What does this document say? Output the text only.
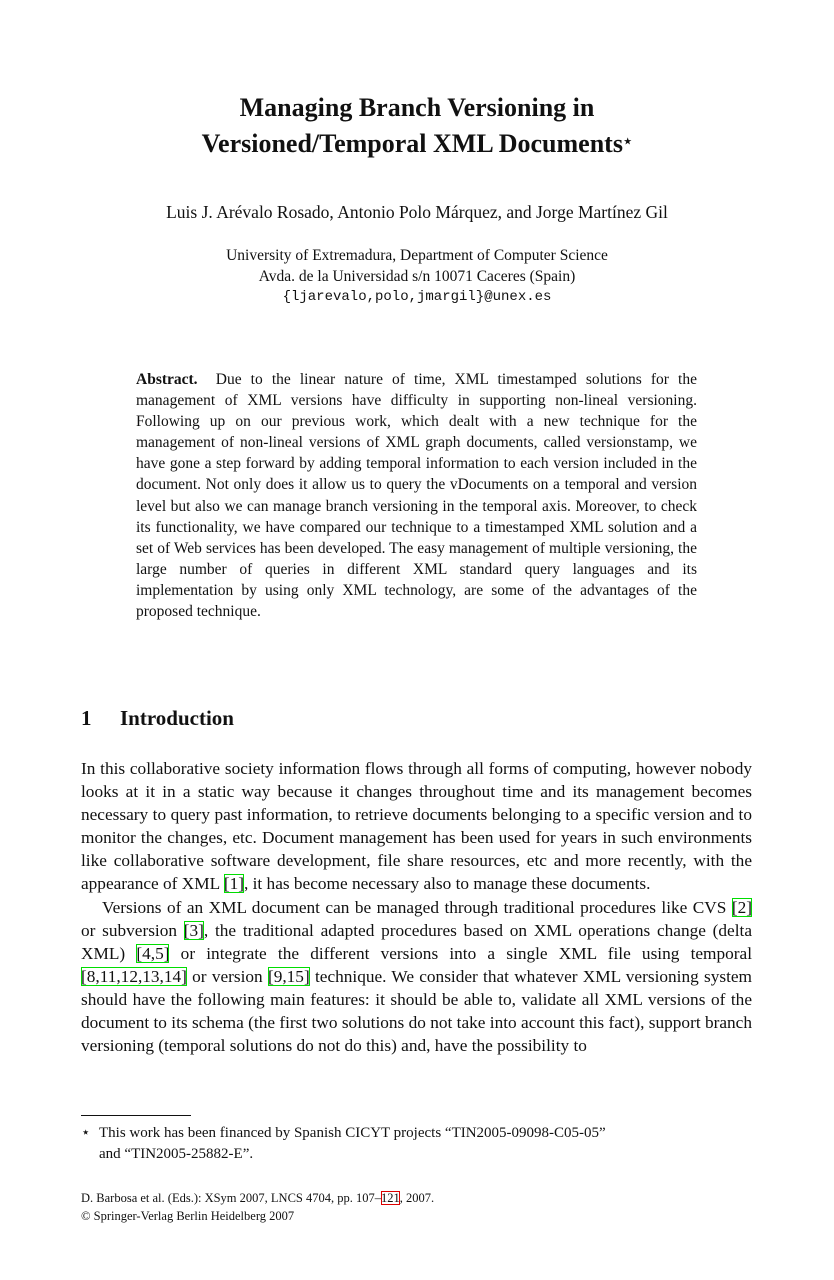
Managing Branch Versioning in
Versioned/Temporal XML Documents⋆
Luis J. Arévalo Rosado, Antonio Polo Márquez, and Jorge Martínez Gil
University of Extremadura, Department of Computer Science
Avda. de la Universidad s/n 10071 Caceres (Spain)
{ljarevalo,polo,jmargil}@unex.es
Abstract. Due to the linear nature of time, XML timestamped solutions for the management of XML versions have difficulty in supporting non-lineal versioning. Following up on our previous work, which dealt with a new technique for the management of non-lineal versions of XML graph documents, called versionstamp, we have gone a step forward by adding temporal information to each version included in the document. Not only does it allow us to query the vDocuments on a temporal and version level but also we can manage branch versioning in the temporal axis. Moreover, to check its functionality, we have compared our technique to a timestamped XML solution and a set of Web services has been developed. The easy management of multiple versioning, the large number of queries in different XML standard query languages and its implementation by using only XML technology, are some of the advantages of the proposed technique.
1 Introduction

In this collaborative society information flows through all forms of computing, however nobody looks at it in a static way because it changes throughout time and its management becomes necessary to query past information, to retrieve documents belonging to a specific version and to monitor the changes, etc. Document management has been used for years in such environments like collaborative software development, file share resources, etc and more recently, with the appearance of XML [1], it has become necessary also to manage these documents.

Versions of an XML document can be managed through traditional procedures like CVS [2] or subversion [3], the traditional adapted procedures based on XML operations change (delta XML) [4,5] or integrate the different versions into a single XML file using temporal [8,11,12,13,14] or version [9,15] technique. We consider that whatever XML versioning system should have the following main features: it should be able to, validate all XML versions of the document to its schema (the first two solutions do not take into account this fact), support branch versioning (temporal solutions do not do this) and, have the possibility to

⋆ This work has been financed by Spanish CICYT projects “TIN2005-09098-C05-05”
and “TIN2005-25882-E”.
D. Barbosa et al. (Eds.): XSym 2007, LNCS 4704, pp. 107–121, 2007.
© Springer-Verlag Berlin Heidelberg 2007
